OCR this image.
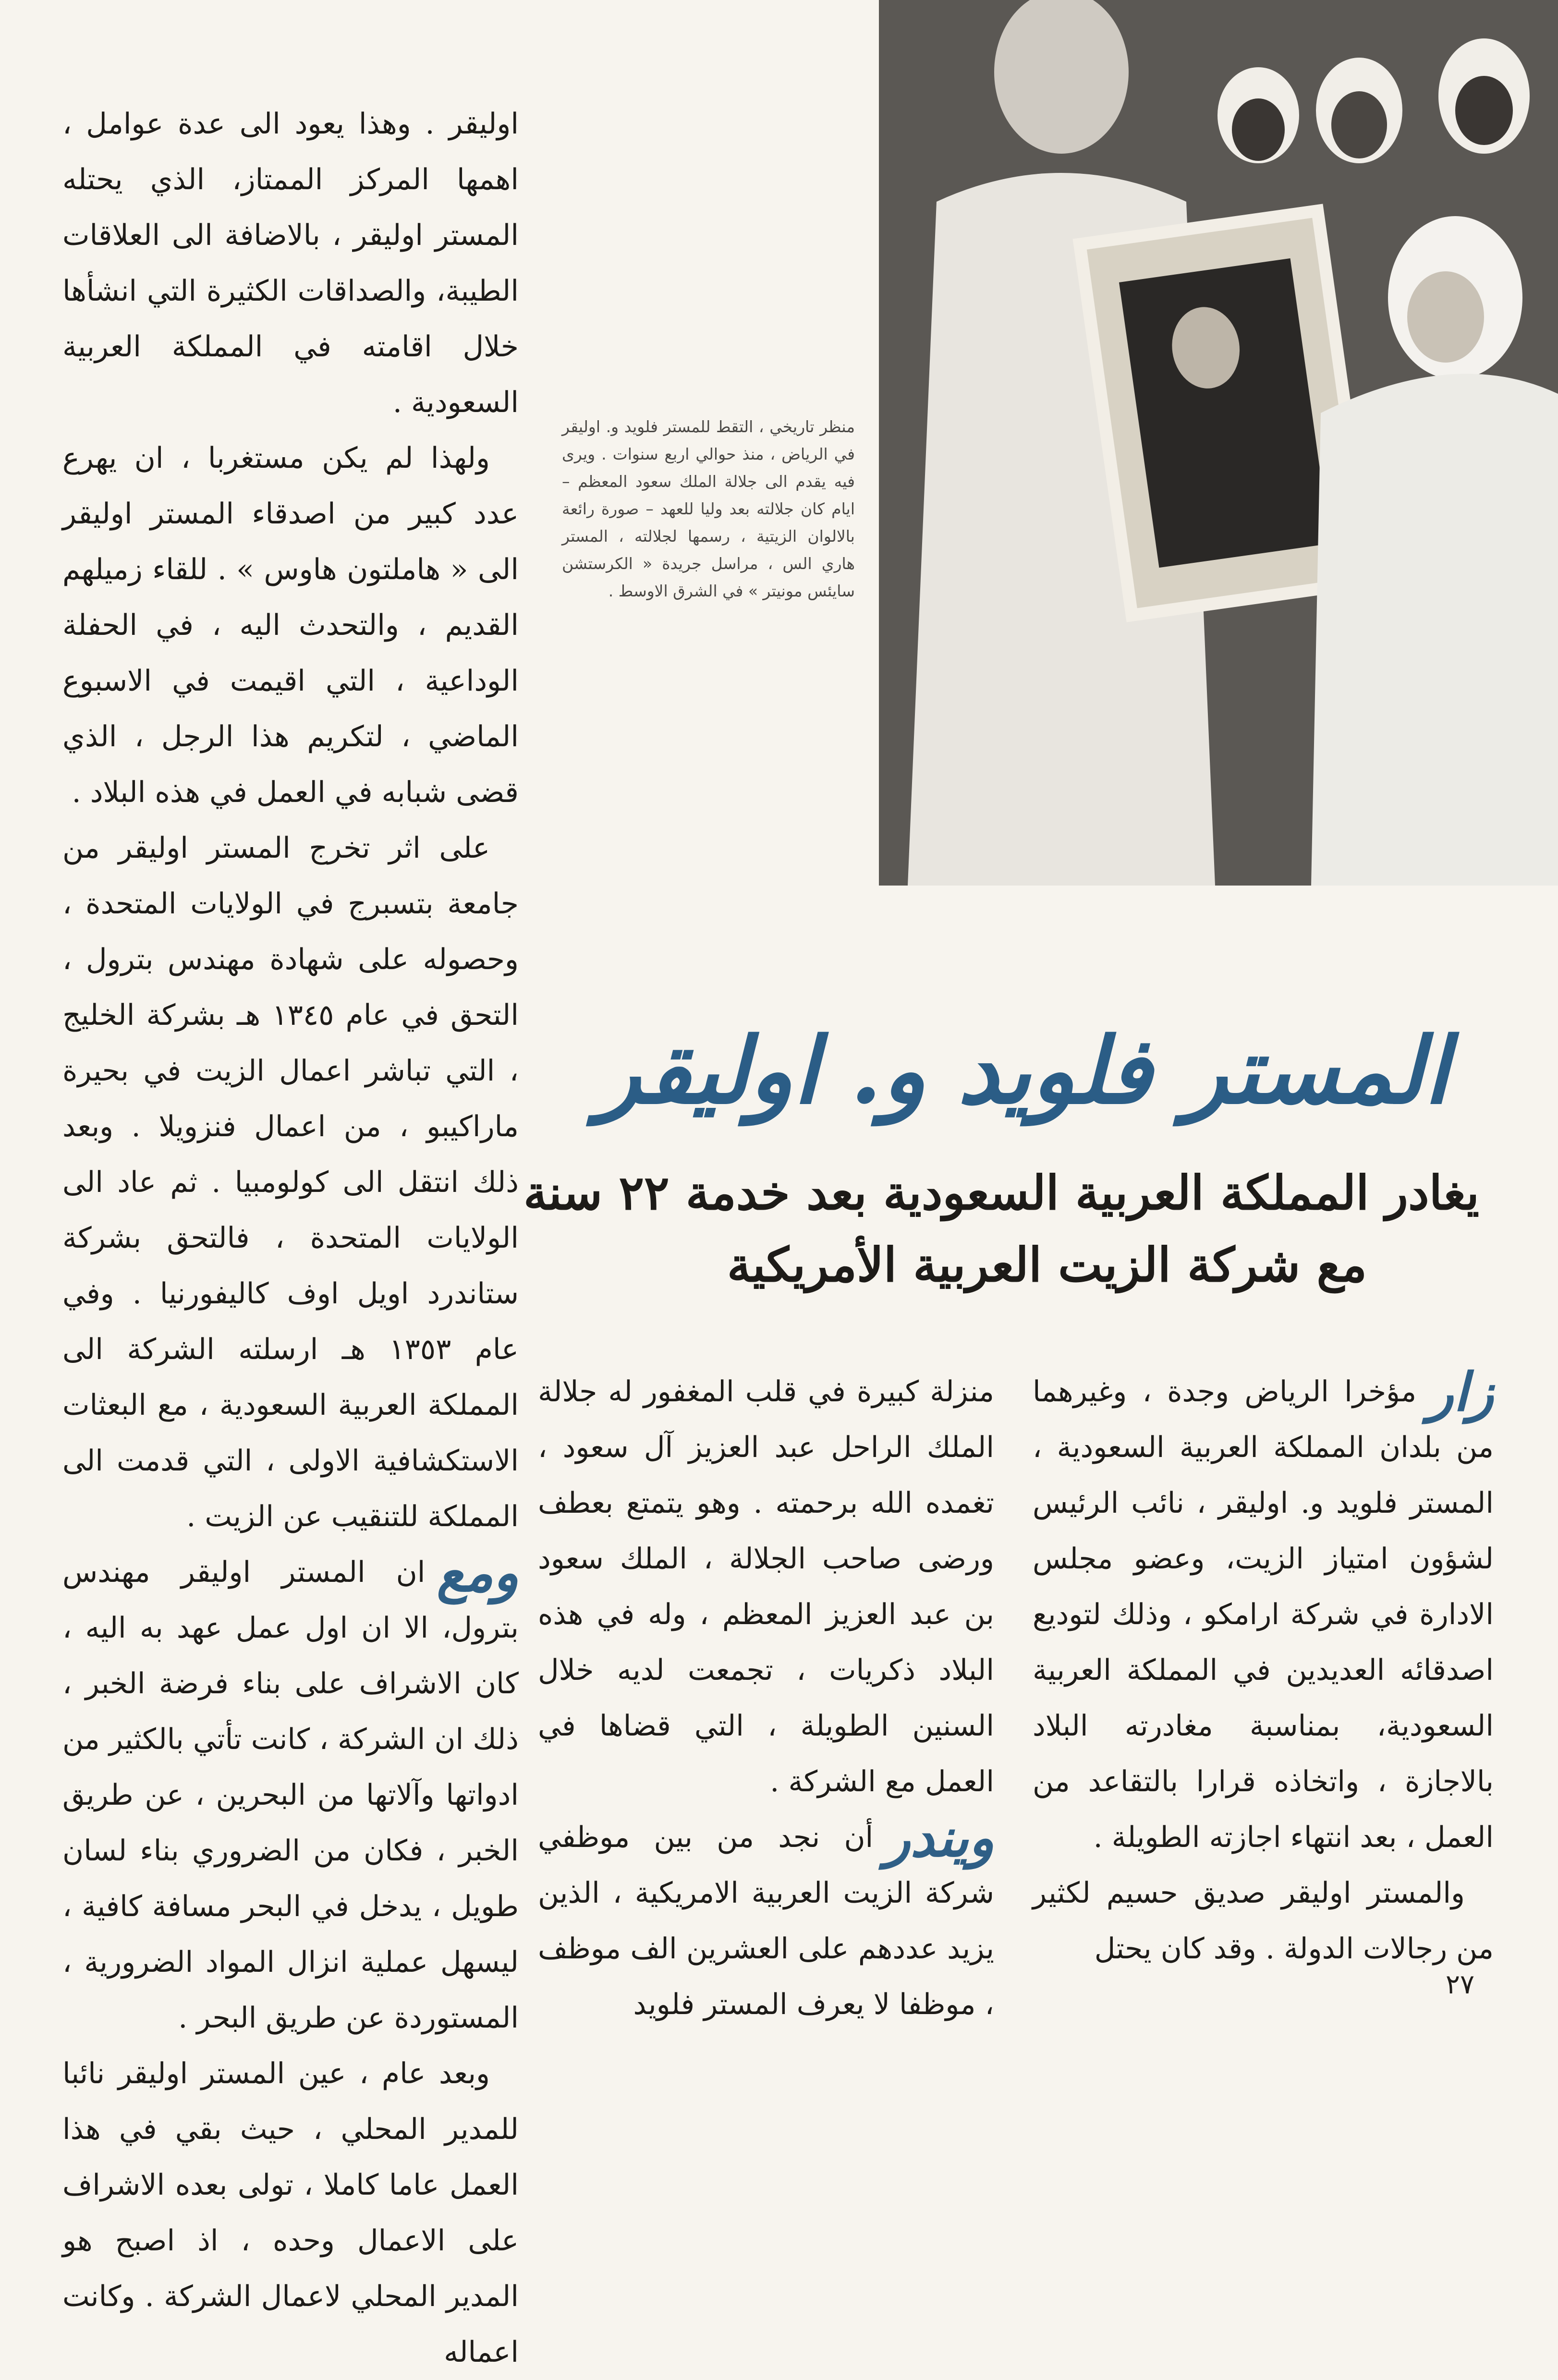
منظر تاريخي ، التقط للمستر فلويد و. اوليقر في الرياض ، منذ حوالي اربع سنوات . ويرى فيه يقدم الى جلالة الملك سعود المعظم – ايام كان جلالته بعد وليا للعهد – صورة رائعة بالالوان الزيتية ، رسمها لجلالته ، المستر هاري الس ، مراسل جريدة « الكرستشن سايئس مونيتر » في الشرق الاوسط .
المستر فلويد و. اوليقر
يغادر المملكة العربية السعودية بعد خدمة ٢٢ سنة
مع شركة الزيت العربية الأمريكية

اوليقر . وهذا يعود الى عدة عوامل ، اهمها المركز الممتاز، الذي يحتله المستر اوليقر ، بالاضافة الى العلاقات الطيبة، والصداقات الكثيرة التي انشأها خلال اقامته في المملكة العربية السعودية .

ولهذا لم يكن مستغربا ، ان يهرع عدد كبير من اصدقاء المستر اوليقر الى « هاملتون هاوس » . للقاء زميلهم القديم ، والتحدث اليه ، في الحفلة الوداعية ، التي اقيمت في الاسبوع الماضي ، لتكريم هذا الرجل ، الذي قضى شبابه في العمل في هذه البلاد .

على اثر تخرج المستر اوليقر من جامعة بتسبرج في الولايات المتحدة ، وحصوله على شهادة مهندس بترول ، التحق في عام ١٣٤٥ هـ بشركة الخليج ، التي تباشر اعمال الزيت في بحيرة ماراكيبو ، من اعمال فنزويلا . وبعد ذلك انتقل الى كولومبيا . ثم عاد الى الولايات المتحدة ، فالتحق بشركة ستاندرد اويل اوف كاليفورنيا . وفي عام ١٣٥٣ هـ ارسلته الشركة الى المملكة العربية السعودية ، مع البعثات الاستكشافية الاولى ، التي قدمت الى المملكة للتنقيب عن الزيت .

ومع
ان المستر اوليقر مهندس بترول، الا ان اول عمل عهد به اليه ، كان الاشراف على بناء فرضة الخبر ، ذلك ان الشركة ، كانت تأتي بالكثير من ادواتها وآلاتها من البحرين ، عن طريق الخبر ، فكان من الضروري بناء لسان طويل ، يدخل في البحر مسافة كافية ، ليسهل عملية انزال المواد الضرورية ، المستوردة عن طريق البحر .

وبعد عام ، عين المستر اوليقر نائبا للمدير المحلي ، حيث بقي في هذا العمل عاما كاملا ، تولى بعده الاشراف على الاعمال وحده ، اذ اصبح هو المدير المحلي لاعمال الشركة . وكانت اعماله

منزلة كبيرة في قلب المغفور له جلالة الملك الراحل عبد العزيز آل سعود ، تغمده الله برحمته . وهو يتمتع بعطف ورضى صاحب الجلالة ، الملك سعود بن عبد العزيز المعظم ، وله في هذه البلاد ذكريات ، تجمعت لديه خلال السنين الطويلة ، التي قضاها في العمل مع الشركة .

ويندر
أن نجد من بين موظفي شركة الزيت العربية الامريكية ، الذين يزيد عددهم على العشرين الف موظف ، موظفا لا يعرف المستر فلويد

زار
مؤخرا الرياض وجدة ، وغيرهما من بلدان المملكة العربية السعودية ، المستر فلويد و. اوليقر ، نائب الرئيس لشؤون امتياز الزيت، وعضو مجلس الادارة في شركة ارامكو ، وذلك لتوديع اصدقائه العديدين في المملكة العربية السعودية، بمناسبة مغادرته البلاد بالاجازة ، واتخاذه قرارا بالتقاعد من العمل ، بعد انتهاء اجازته الطويلة .

والمستر اوليقر صديق حسيم لكثير من رجالات الدولة . وقد كان يحتل

٢٧
